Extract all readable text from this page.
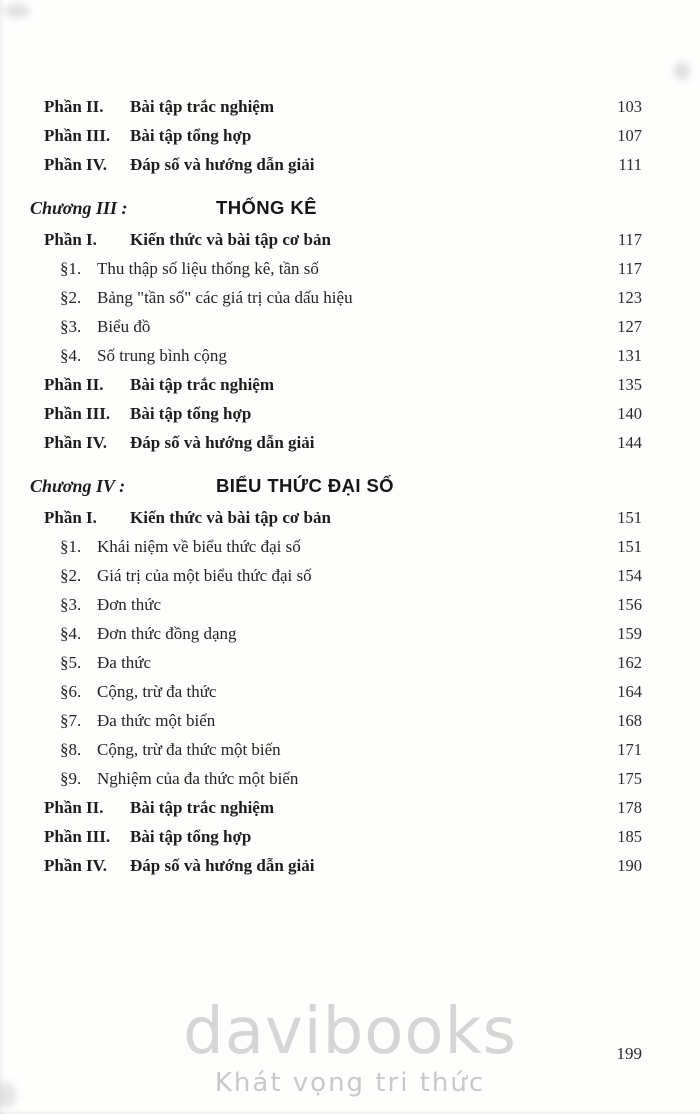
Phần II.	Bài tập trắc nghiệm	103
Phần III.	Bài tập tổng hợp	107
Phần IV.	Đáp số và hướng dẫn giải	111
Chương III :	THỐNG KÊ
Phần I.	Kiến thức và bài tập cơ bản	117
§1. Thu thập số liệu thống kê, tần số	117
§2. Bảng "tần số" các giá trị của dấu hiệu	123
§3. Biểu đồ	127
§4. Số trung bình cộng	131
Phần II.	Bài tập trắc nghiệm	135
Phần III.	Bài tập tổng hợp	140
Phần IV.	Đáp số và hướng dẫn giải	144
Chương IV :	BIỂU THỨC ĐẠI SỐ
Phần I.	Kiến thức và bài tập cơ bản	151
§1. Khái niệm về biểu thức đại số	151
§2. Giá trị của một biểu thức đại số	154
§3. Đơn thức	156
§4. Đơn thức đồng dạng	159
§5. Đa thức	162
§6. Cộng, trừ đa thức	164
§7. Đa thức một biến	168
§8. Cộng, trừ đa thức một biến	171
§9. Nghiệm của đa thức một biến	175
Phần II.	Bài tập trắc nghiệm	178
Phần III.	Bài tập tổng hợp	185
Phần IV.	Đáp số và hướng dẫn giải	190
davibooks
Khát vọng tri thức
199
